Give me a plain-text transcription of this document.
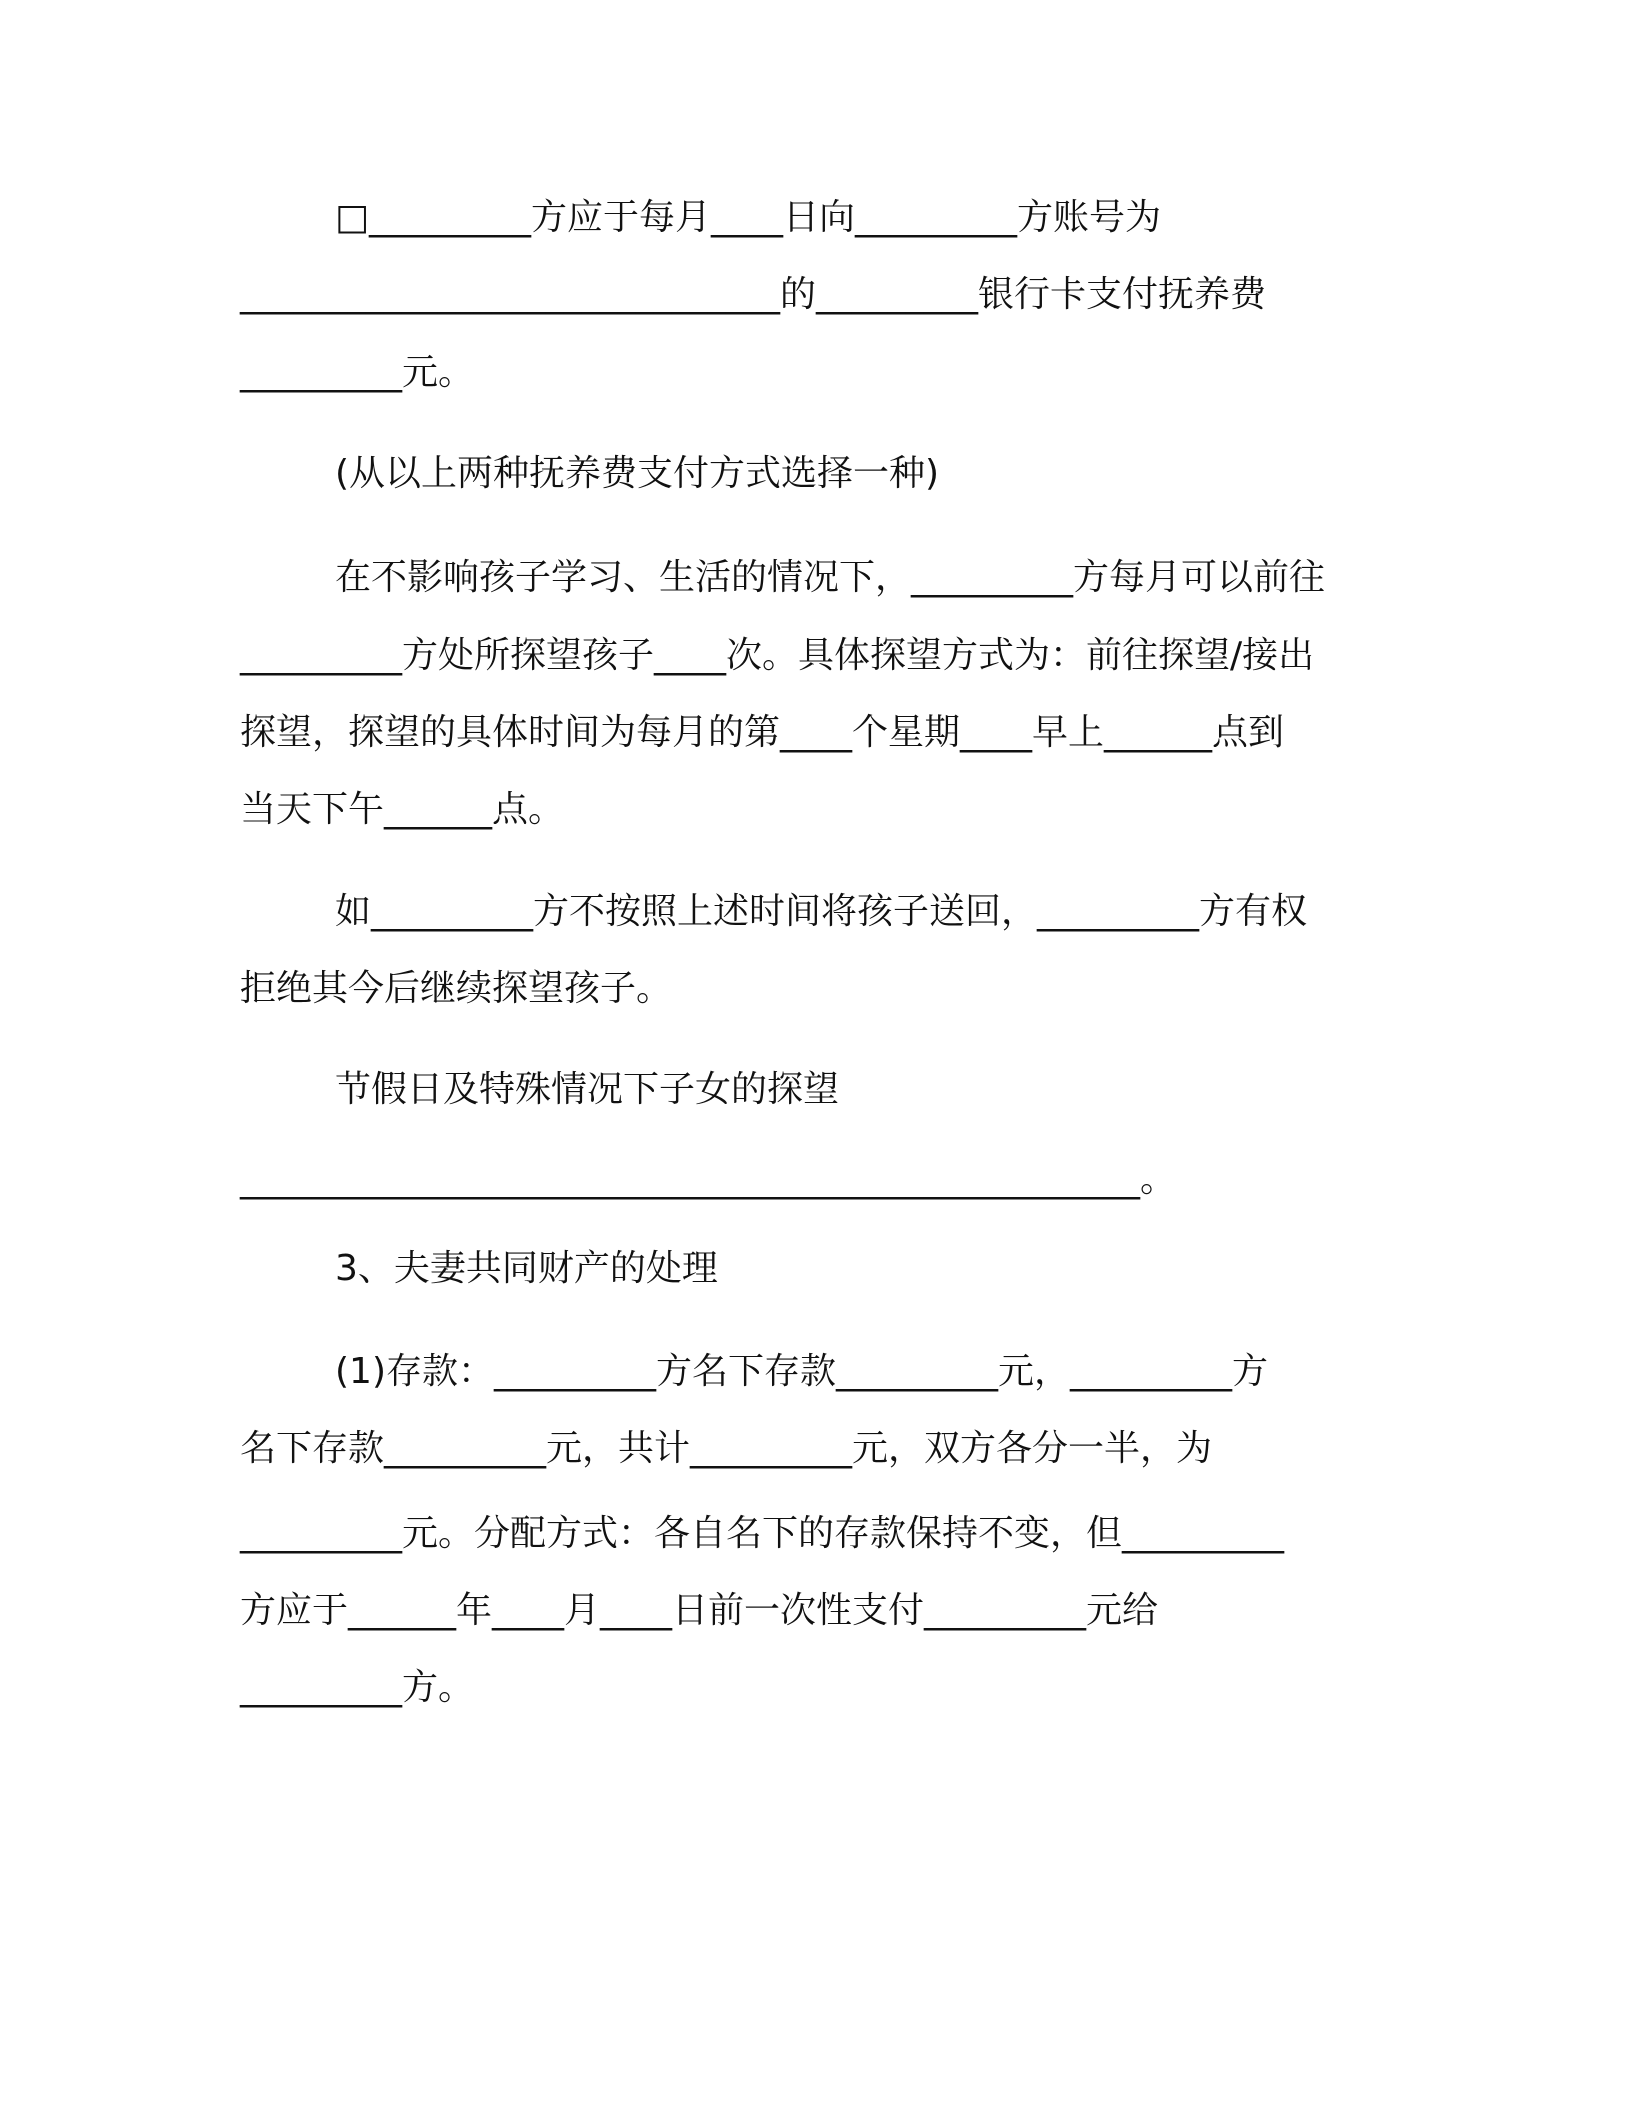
□_________方应于每月____日向_________方账号为
______________________________的_________银行卡支付抚养费
_________元。
(从以上两种抚养费支付方式选择一种)
在不影响孩子学习、生活的情况下，_________方每月可以前往
_________方处所探望孩子____次。具体探望方式为：前往探望/接出
探望，探望的具体时间为每月的第____个星期____早上______点到
当天下午______点。
如_________方不按照上述时间将孩子送回，_________方有权
拒绝其今后继续探望孩子。
节假日及特殊情况下子女的探望
__________________________________________________。
3、夫妻共同财产的处理
(1)存款：_________方名下存款_________元，_________方
名下存款_________元，共计_________元，双方各分一半，为
_________元。分配方式：各自名下的存款保持不变，但_________
方应于______年____月____日前一次性支付_________元给
_________方。
